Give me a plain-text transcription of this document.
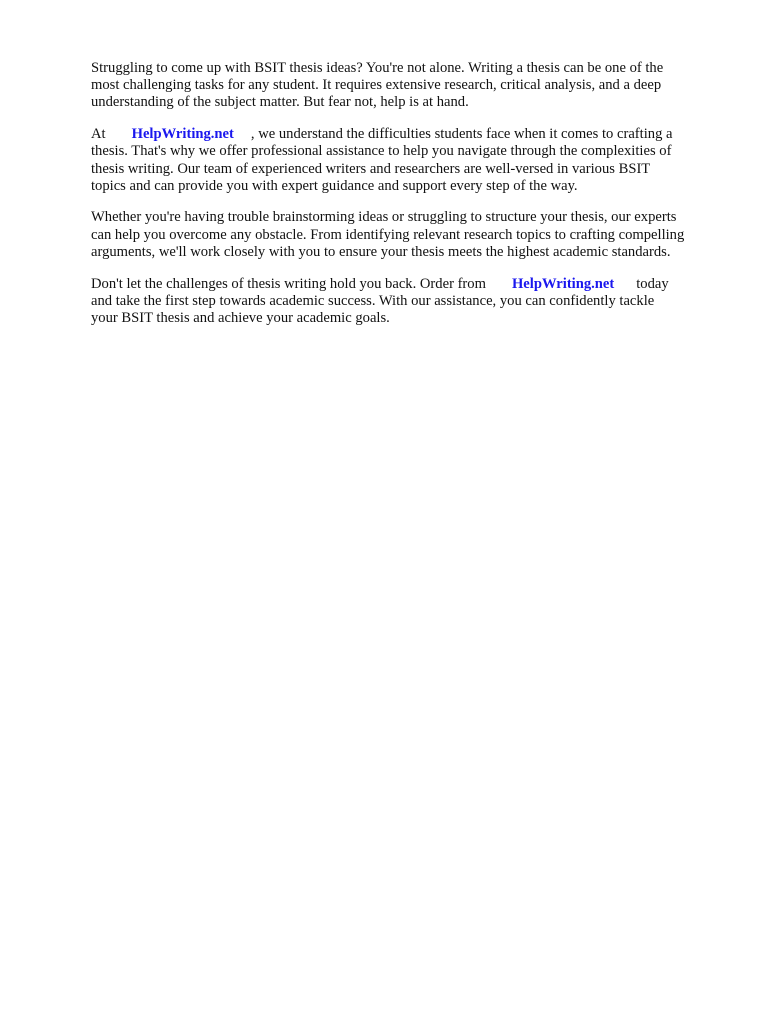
Struggling to come up with BSIT thesis ideas? You're not alone. Writing a thesis can be one of the
most challenging tasks for any student. It requires extensive research, critical analysis, and a deep
understanding of the subject matter. But fear not, help is at hand.

At HelpWriting.net , we understand the difficulties students face when it comes to crafting a
thesis. That's why we offer professional assistance to help you navigate through the complexities of
thesis writing. Our team of experienced writers and researchers are well-versed in various BSIT
topics and can provide you with expert guidance and support every step of the way.

Whether you're having trouble brainstorming ideas or struggling to structure your thesis, our experts
can help you overcome any obstacle. From identifying relevant research topics to crafting compelling
arguments, we'll work closely with you to ensure your thesis meets the highest academic standards.

Don't let the challenges of thesis writing hold you back. Order from HelpWriting.net today
and take the first step towards academic success. With our assistance, you can confidently tackle
your BSIT thesis and achieve your academic goals.
